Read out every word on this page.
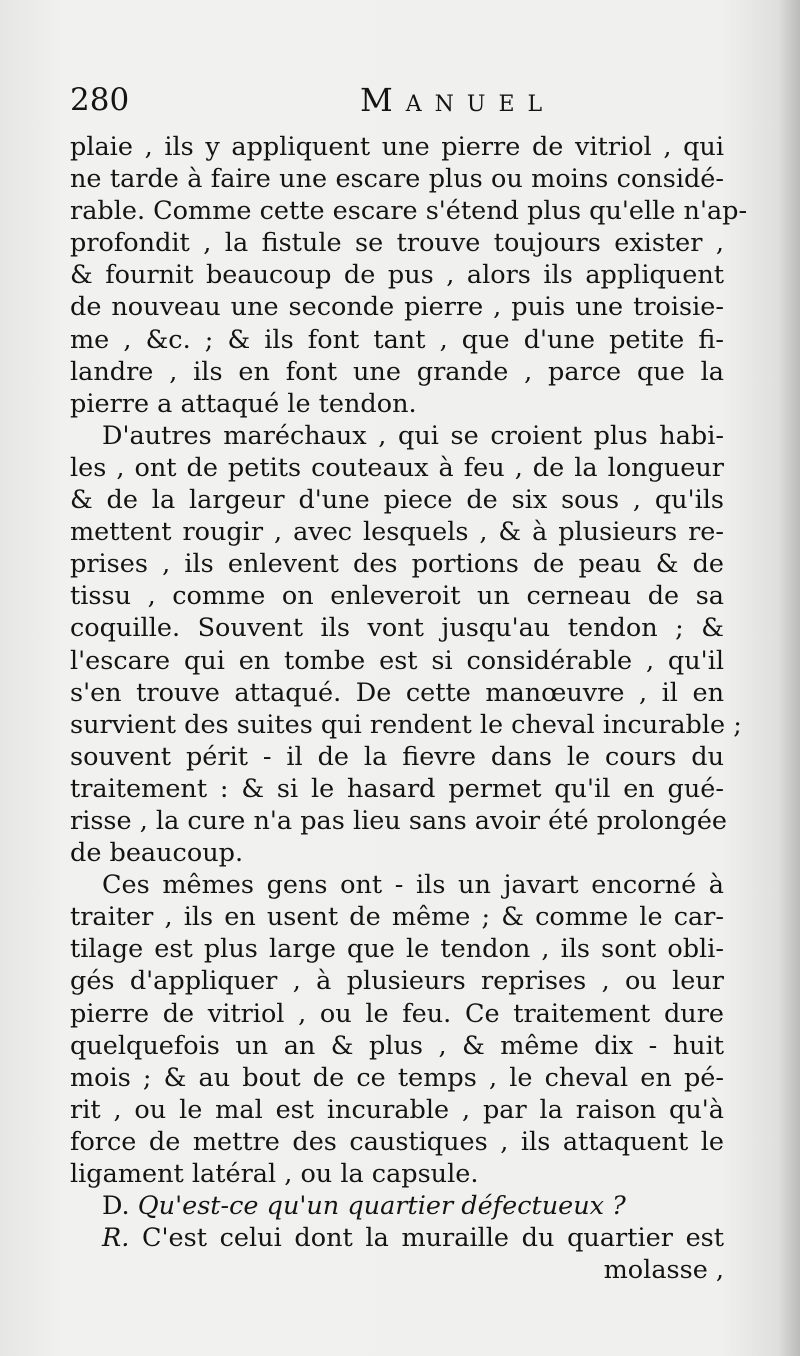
280	Manuel
plaie , ils y appliquent une pierre de vitriol , qui
ne tarde à faire une escare plus ou moins considé-
rable. Comme cette escare s'étend plus qu'elle n'ap-
profondit , la fistule se trouve toujours exister ,
& fournit beaucoup de pus , alors ils appliquent
de nouveau une seconde pierre , puis une troisie-
me , &c. ; & ils font tant , que d'une petite fi-
landre , ils en font une grande , parce que la
pierre a attaqué le tendon.
D'autres maréchaux , qui se croient plus habi-
les , ont de petits couteaux à feu , de la longueur
& de la largeur d'une piece de six sous , qu'ils
mettent rougir , avec lesquels , & à plusieurs re-
prises , ils enlevent des portions de peau & de
tissu , comme on enleveroit un cerneau de sa
coquille. Souvent ils vont jusqu'au tendon ; &
l'escare qui en tombe est si considérable , qu'il
s'en trouve attaqué. De cette manœuvre , il en
survient des suites qui rendent le cheval incurable ;
souvent périt - il de la fievre dans le cours du
traitement : & si le hasard permet qu'il en gué-
risse , la cure n'a pas lieu sans avoir été prolongée
de beaucoup.
Ces mêmes gens ont - ils un javart encorné à
traiter , ils en usent de même ; & comme le car-
tilage est plus large que le tendon , ils sont obli-
gés d'appliquer , à plusieurs reprises , ou leur
pierre de vitriol , ou le feu. Ce traitement dure
quelquefois un an & plus , & même dix - huit
mois ; & au bout de ce temps , le cheval en pé-
rit , ou le mal est incurable , par la raison qu'à
force de mettre des caustiques , ils attaquent le
ligament latéral , ou la capsule.
D. Qu'est-ce qu'un quartier défectueux ?
R. C'est celui dont la muraille du quartier est
molasse ,
